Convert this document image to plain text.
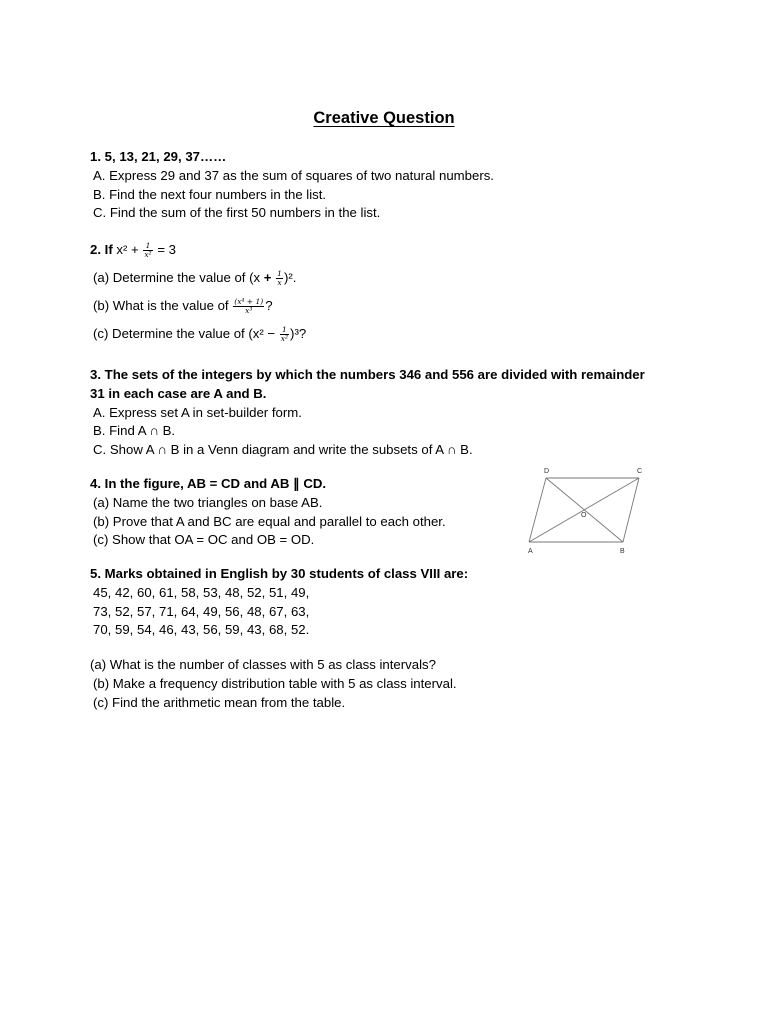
Creative Question
1. 5, 13, 21, 29, 37……
A. Express 29 and 37 as the sum of squares of two natural numbers.
B. Find the next four numbers in the list.
C. Find the sum of the first 50 numbers in the list.
2. If $x^2 + \frac{1}{\text{x²}} = 3$
(a) Determine the value of $(x + \frac{1}{x} )^2$.
(b) What is the value of $\frac{\text{(x⁴ + 1)}}{\text{x³}}$ ?
(c) Determine the value of $(x^2 - \frac{1}{\text{x²}} )^3$?
3. The sets of the integers by which the numbers 346 and 556 are divided with remainder
31 in each case are A and B.
A. Express set A in set-builder form.
B. Find A ∩ B.
C. Show A ∩ B in a Venn diagram and write the subsets of A ∩ B.
4. In the figure, AB = CD and AB ∥ CD.
(a) Name the two triangles on base AB.
(b) Prove that A and BC are equal and parallel to each other.
(c) Show that OA = OC and OB = OD.
D	C
A	B
O
5. Marks obtained in English by 30 students of class VIII are:
45, 42, 60, 61, 58, 53, 48, 52, 51, 49,
73, 52, 57, 71, 64, 49, 56, 48, 67, 63,
70, 59, 54, 46, 43, 56, 59, 43, 68, 52.
(a) What is the number of classes with 5 as class intervals?
(b) Make a frequency distribution table with 5 as class interval.
(c) Find the arithmetic mean from the table.
